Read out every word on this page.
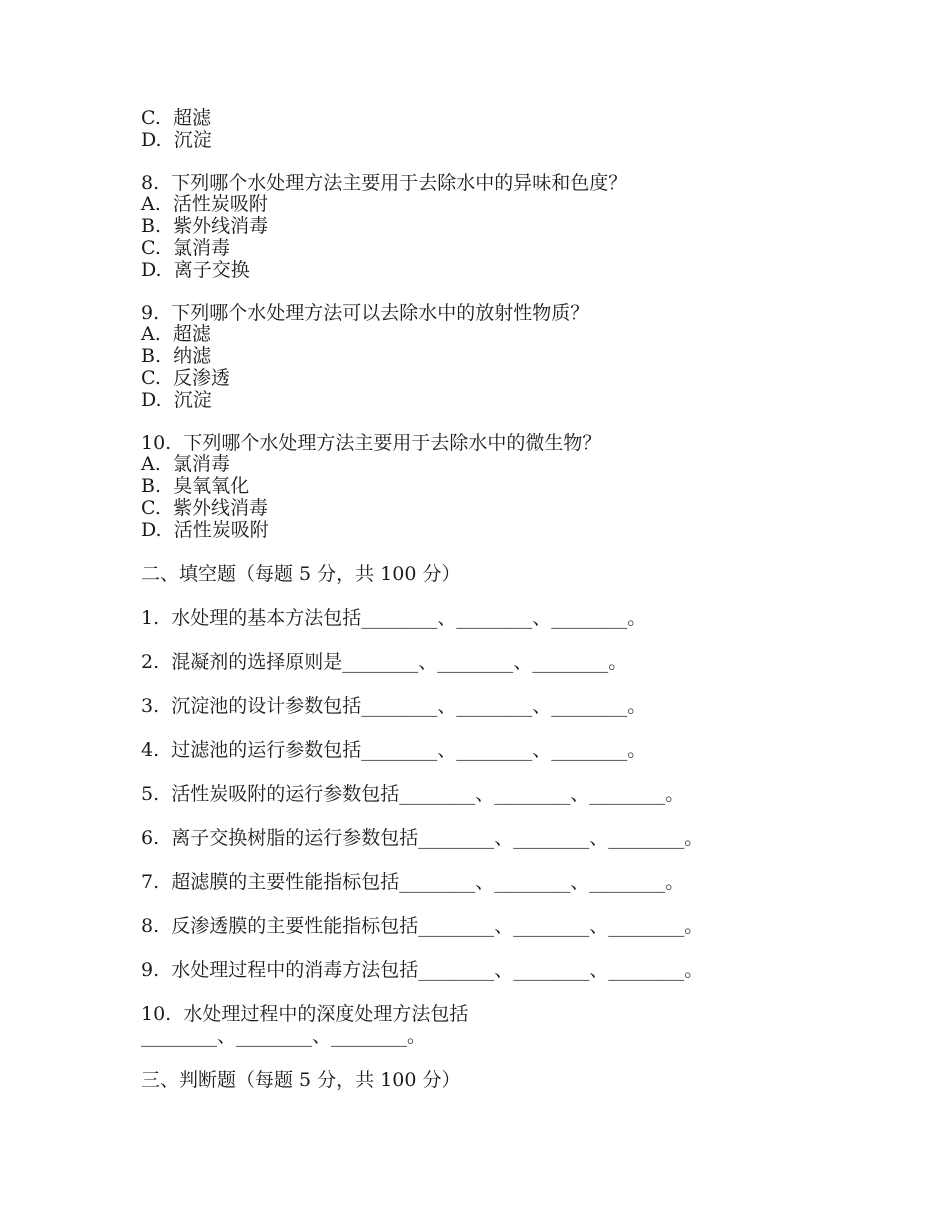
C. 超滤
D. 沉淀
8. 下列哪个水处理方法主要用于去除水中的异味和色度？
A. 活性炭吸附
B. 紫外线消毒
C. 氯消毒
D. 离子交换
9. 下列哪个水处理方法可以去除水中的放射性物质？
A. 超滤
B. 纳滤
C. 反渗透
D. 沉淀
10. 下列哪个水处理方法主要用于去除水中的微生物？
A. 氯消毒
B. 臭氧氧化
C. 紫外线消毒
D. 活性炭吸附
二、填空题（每题 5 分，共 100 分）
1. 水处理的基本方法包括________、________、________。
2. 混凝剂的选择原则是________、________、________。
3. 沉淀池的设计参数包括________、________、________。
4. 过滤池的运行参数包括________、________、________。
5. 活性炭吸附的运行参数包括________、________、________。
6. 离子交换树脂的运行参数包括________、________、________。
7. 超滤膜的主要性能指标包括________、________、________。
8. 反渗透膜的主要性能指标包括________、________、________。
9. 水处理过程中的消毒方法包括________、________、________。
10. 水处理过程中的深度处理方法包括________、________、________。
三、判断题（每题 5 分，共 100 分）
